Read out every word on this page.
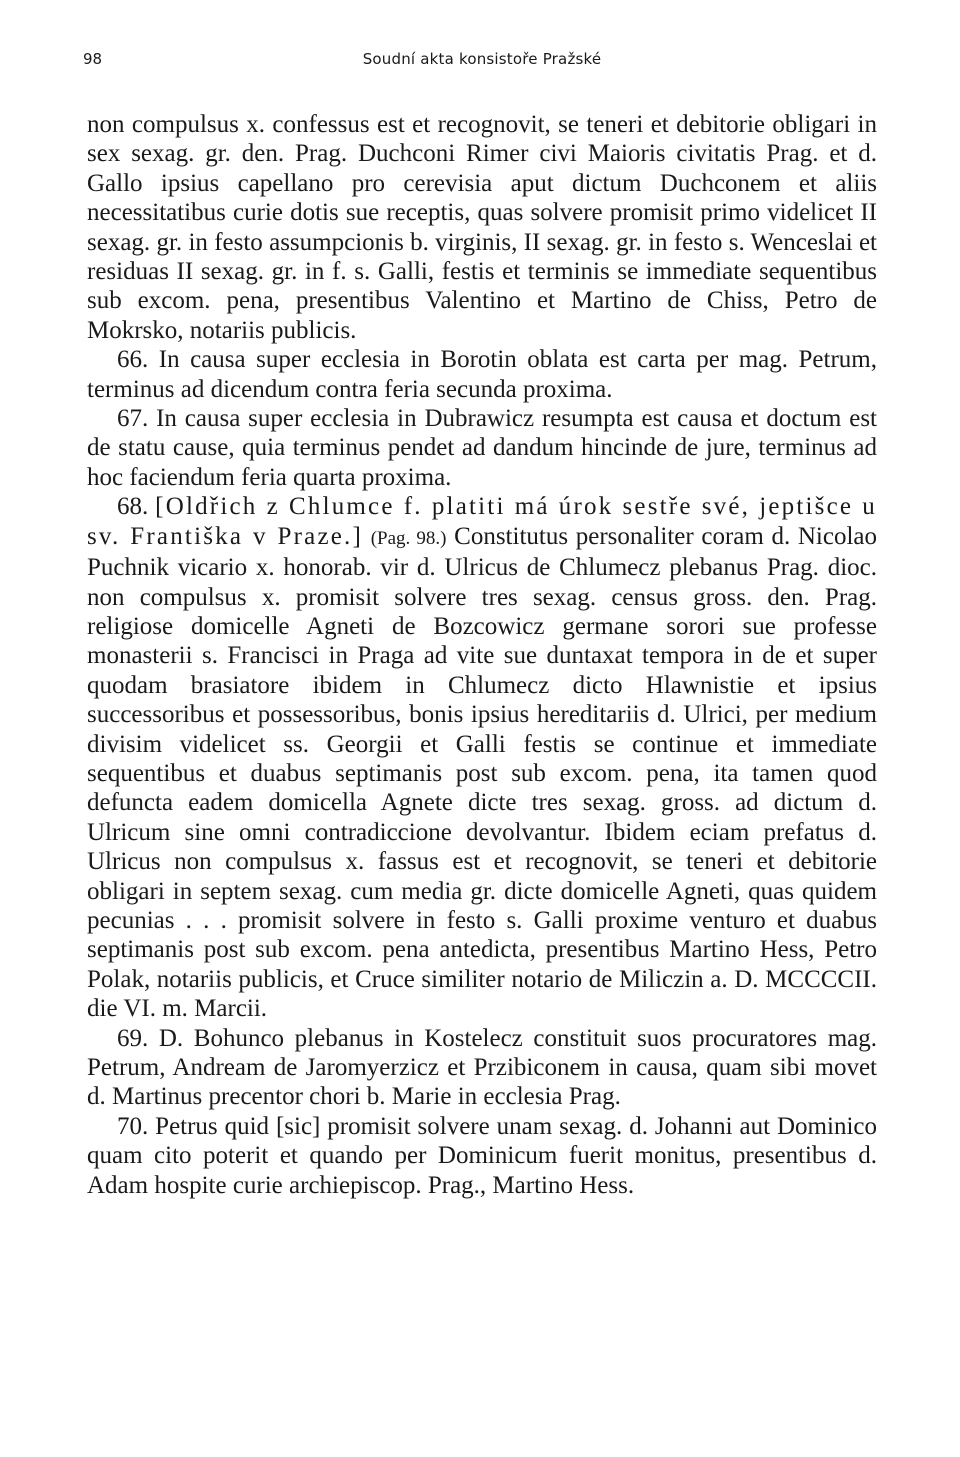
98	Soudní akta konsistoře Pražské

non compulsus x. confessus est et recognovit, se teneri et debitorie obligari in sex sexag. gr. den. Prag. Duchconi Rimer civi Maioris civitatis Prag. et d. Gallo ipsius capellano pro cerevisia aput dictum Duchconem et aliis necessitatibus curie dotis sue receptis, quas solvere promisit primo videlicet II sexag. gr. in festo assumpcionis b. virginis, II sexag. gr. in festo s. Wenceslai et residuas II sexag. gr. in f. s. Galli, festis et terminis se immediate sequentibus sub excom. pena, presentibus Valentino et Martino de Chiss, Petro de Mokrsko, notariis publicis.

66. In causa super ecclesia in Borotin oblata est carta per mag. Petrum, terminus ad dicendum contra feria secunda proxima.

67. In causa super ecclesia in Dubrawicz resumpta est causa et doctum est de statu cause, quia terminus pendet ad dandum hincinde de jure, terminus ad hoc faciendum feria quarta proxima.

68. [Oldřich z Chlumce f. platiti má úrok sestře své, jeptišce u sv. Františka v Praze.] (Pag. 98.) Constitutus personaliter coram d. Nicolao Puchnik vicario x. honorab. vir d. Ulricus de Chlumecz plebanus Prag. dioc. non compulsus x. promisit solvere tres sexag. census gross. den. Prag. religiose domicelle Agneti de Bozcowicz germane sorori sue professe monasterii s. Francisci in Praga ad vite sue duntaxat tempora in de et super quodam brasiatore ibidem in Chlumecz dicto Hlawnistie et ipsius successoribus et possessoribus, bonis ipsius hereditariis d. Ulrici, per medium divisim videlicet ss. Georgii et Galli festis se continue et immediate sequentibus et duabus septimanis post sub excom. pena, ita tamen quod defuncta eadem domicella Agnete dicte tres sexag. gross. ad dictum d. Ulricum sine omni contradiccione devolvantur. Ibidem eciam prefatus d. Ulricus non compulsus x. fassus est et recognovit, se teneri et debitorie obligari in septem sexag. cum media gr. dicte domicelle Agneti, quas quidem pecunias . . . promisit solvere in festo s. Galli proxime venturo et duabus septimanis post sub excom. pena antedicta, presentibus Martino Hess, Petro Polak, notariis publicis, et Cruce similiter notario de Miliczin a. D. MCCCCII. die VI. m. Marcii.

69. D. Bohunco plebanus in Kostelecz constituit suos procuratores mag. Petrum, Andream de Jaromyerzicz et Przibiconem in causa, quam sibi movet d. Martinus precentor chori b. Marie in ecclesia Prag.

70. Petrus quid [sic] promisit solvere unam sexag. d. Johanni aut Dominico quam cito poterit et quando per Dominicum fuerit monitus, presentibus d. Adam hospite curie archiepiscop. Prag., Martino Hess.
